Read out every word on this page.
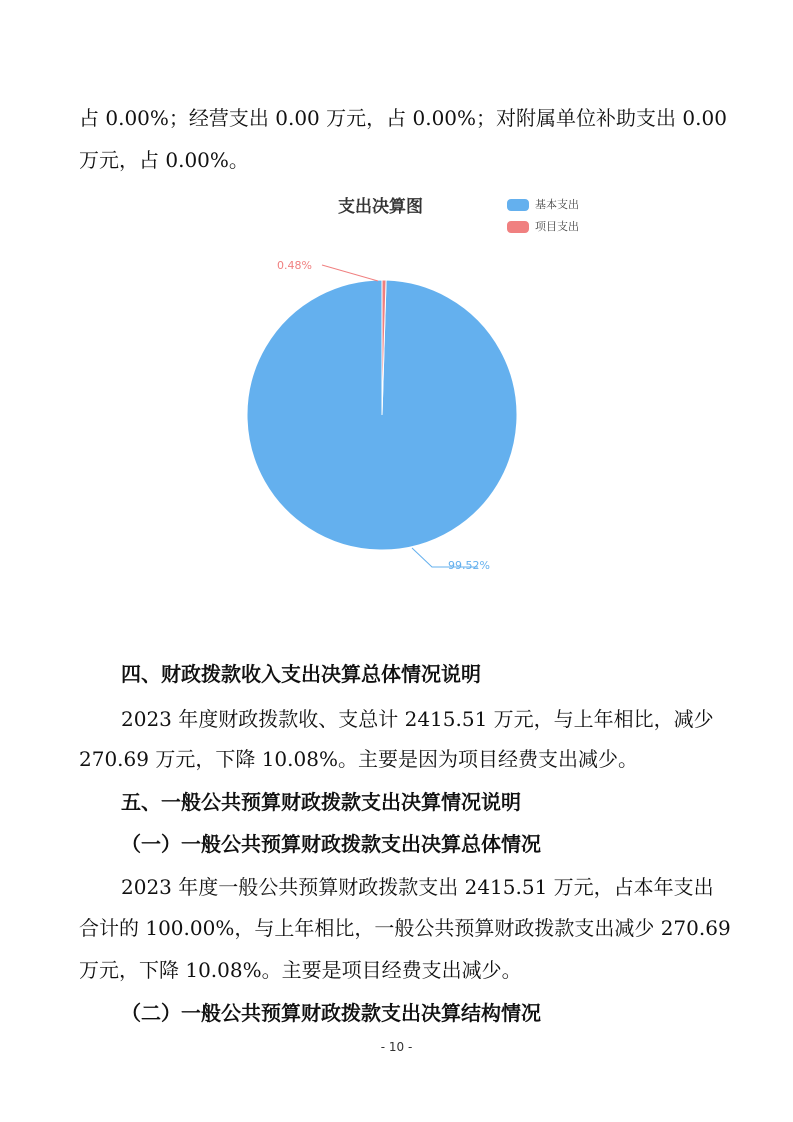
占 0.00%；经营支出 0.00 万元，占 0.00%；对附属单位补助支出 0.00

万元，占 0.00%。

支出决算图	基本支出
项目支出
0.48%
99.52%

四、财政拨款收入支出决算总体情况说明

2023 年度财政拨款收、支总计 2415.51 万元，与上年相比，减少

270.69 万元，下降 10.08%。主要是因为项目经费支出减少。

五、一般公共预算财政拨款支出决算情况说明

（一）一般公共预算财政拨款支出决算总体情况

2023 年度一般公共预算财政拨款支出 2415.51 万元，占本年支出

合计的 100.00%，与上年相比，一般公共预算财政拨款支出减少 270.69

万元，下降 10.08%。主要是项目经费支出减少。

（二）一般公共预算财政拨款支出决算结构情况

- 10 -
